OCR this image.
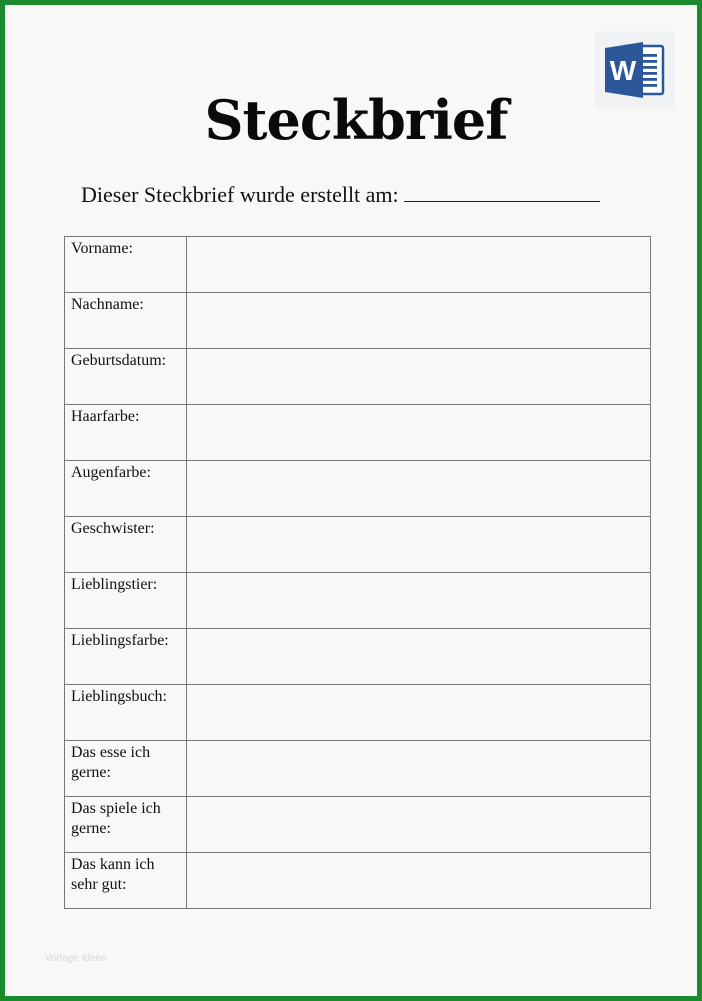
W
Steckbrief
Dieser Steckbrief wurde erstellt am:
Vorname:	
Nachname:	
Geburtsdatum:	
Haarfarbe:	
Augenfarbe:	
Geschwister:	
Lieblingstier:	
Lieblingsfarbe:	
Lieblingsbuch:	
Das esse ich gerne:	
Das spiele ich gerne:	
Das kann ich sehr gut:	
Vorlage Ideen
